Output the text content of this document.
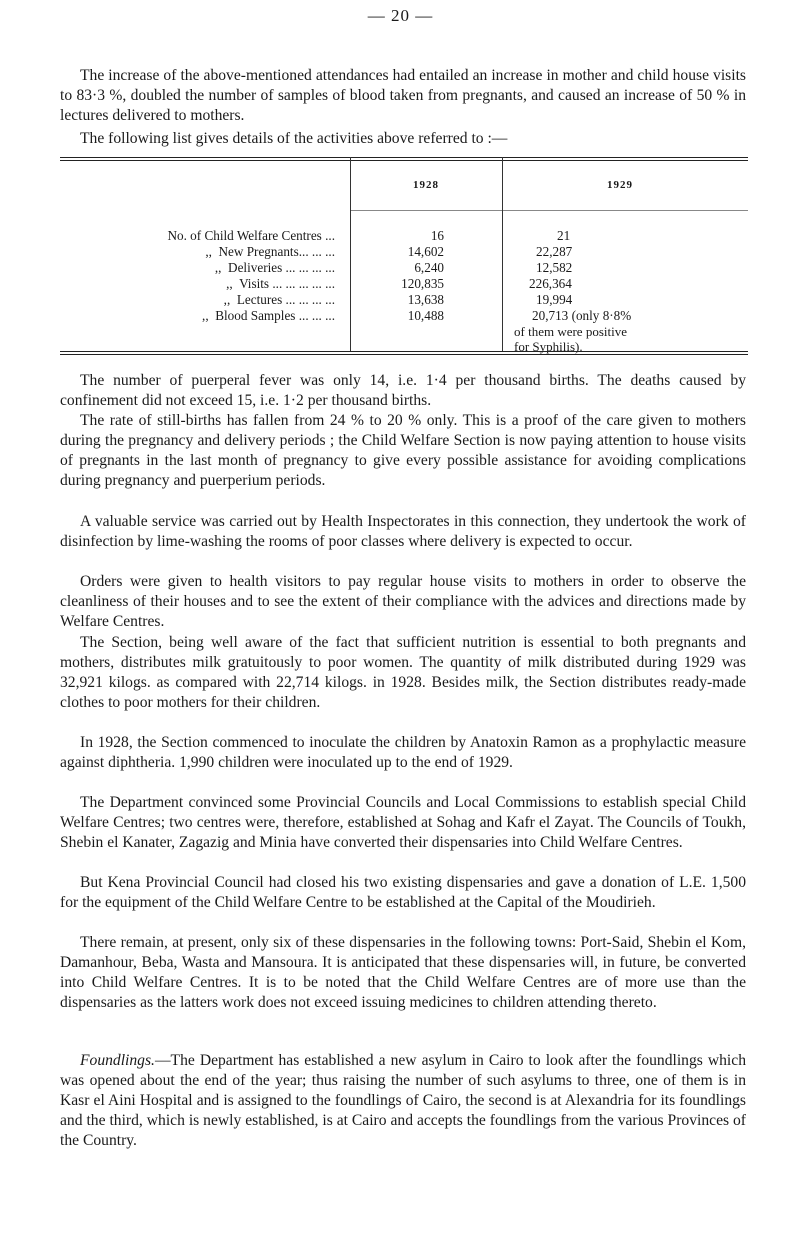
— 20 —

The increase of the above-mentioned attendances had entailed an increase in mother and child house visits to 83·3 %, doubled the number of samples of blood taken from pregnants, and caused an increase of 50 % in lectures delivered to mothers.

The following list gives details of the activities above referred to :—

1928	1929
No. of Child Welfare Centres ...	16	21
,,  New Pregnants... ... ...	14,602	22,287
,,  Deliveries ... ... ... ...	6,240	12,582
,,  Visits ... ... ... ... ...	120,835	226,364
,,  Lectures ... ... ... ...	13,638	19,994
,,  Blood Samples ... ... ...	10,488	20,713 (only 8·8%
of them were positive
for Syphilis).

The number of puerperal fever was only 14, i.e. 1·4 per thousand births. The deaths caused by confinement did not exceed 15, i.e. 1·2 per thousand births.

The rate of still-births has fallen from 24 % to 20 % only. This is a proof of the care given to mothers during the pregnancy and delivery periods ; the Child Welfare Section is now paying attention to house visits of pregnants in the last month of pregnancy to give every possible assistance for avoiding complications during pregnancy and puerperium periods.

A valuable service was carried out by Health Inspectorates in this connection, they undertook the work of disinfection by lime-washing the rooms of poor classes where delivery is expected to occur.

Orders were given to health visitors to pay regular house visits to mothers in order to observe the cleanliness of their houses and to see the extent of their compliance with the advices and directions made by Welfare Centres.

The Section, being well aware of the fact that sufficient nutrition is essential to both pregnants and mothers, distributes milk gratuitously to poor women. The quantity of milk distributed during 1929 was 32,921 kilogs. as compared with 22,714 kilogs. in 1928. Besides milk, the Section distributes ready-made clothes to poor mothers for their children.

In 1928, the Section commenced to inoculate the children by Anatoxin Ramon as a prophylactic measure against diphtheria. 1,990 children were inoculated up to the end of 1929.

The Department convinced some Provincial Councils and Local Commissions to establish special Child Welfare Centres; two centres were, therefore, established at Sohag and Kafr el Zayat. The Councils of Toukh, Shebin el Kanater, Zagazig and Minia have converted their dispensaries into Child Welfare Centres.

But Kena Provincial Council had closed his two existing dispensaries and gave a donation of L.E. 1,500 for the equipment of the Child Welfare Centre to be established at the Capital of the Moudirieh.

There remain, at present, only six of these dispensaries in the following towns: Port-Said, Shebin el Kom, Damanhour, Beba, Wasta and Mansoura. It is anticipated that these dispensaries will, in future, be converted into Child Welfare Centres. It is to be noted that the Child Welfare Centres are of more use than the dispensaries as the latters work does not exceed issuing medicines to children attending thereto.

Foundlings.—The Department has established a new asylum in Cairo to look after the foundlings which was opened about the end of the year; thus raising the number of such asylums to three, one of them is in Kasr el Aini Hospital and is assigned to the foundlings of Cairo, the second is at Alexandria for its foundlings and the third, which is newly established, is at Cairo and accepts the foundlings from the various Provinces of the Country.
